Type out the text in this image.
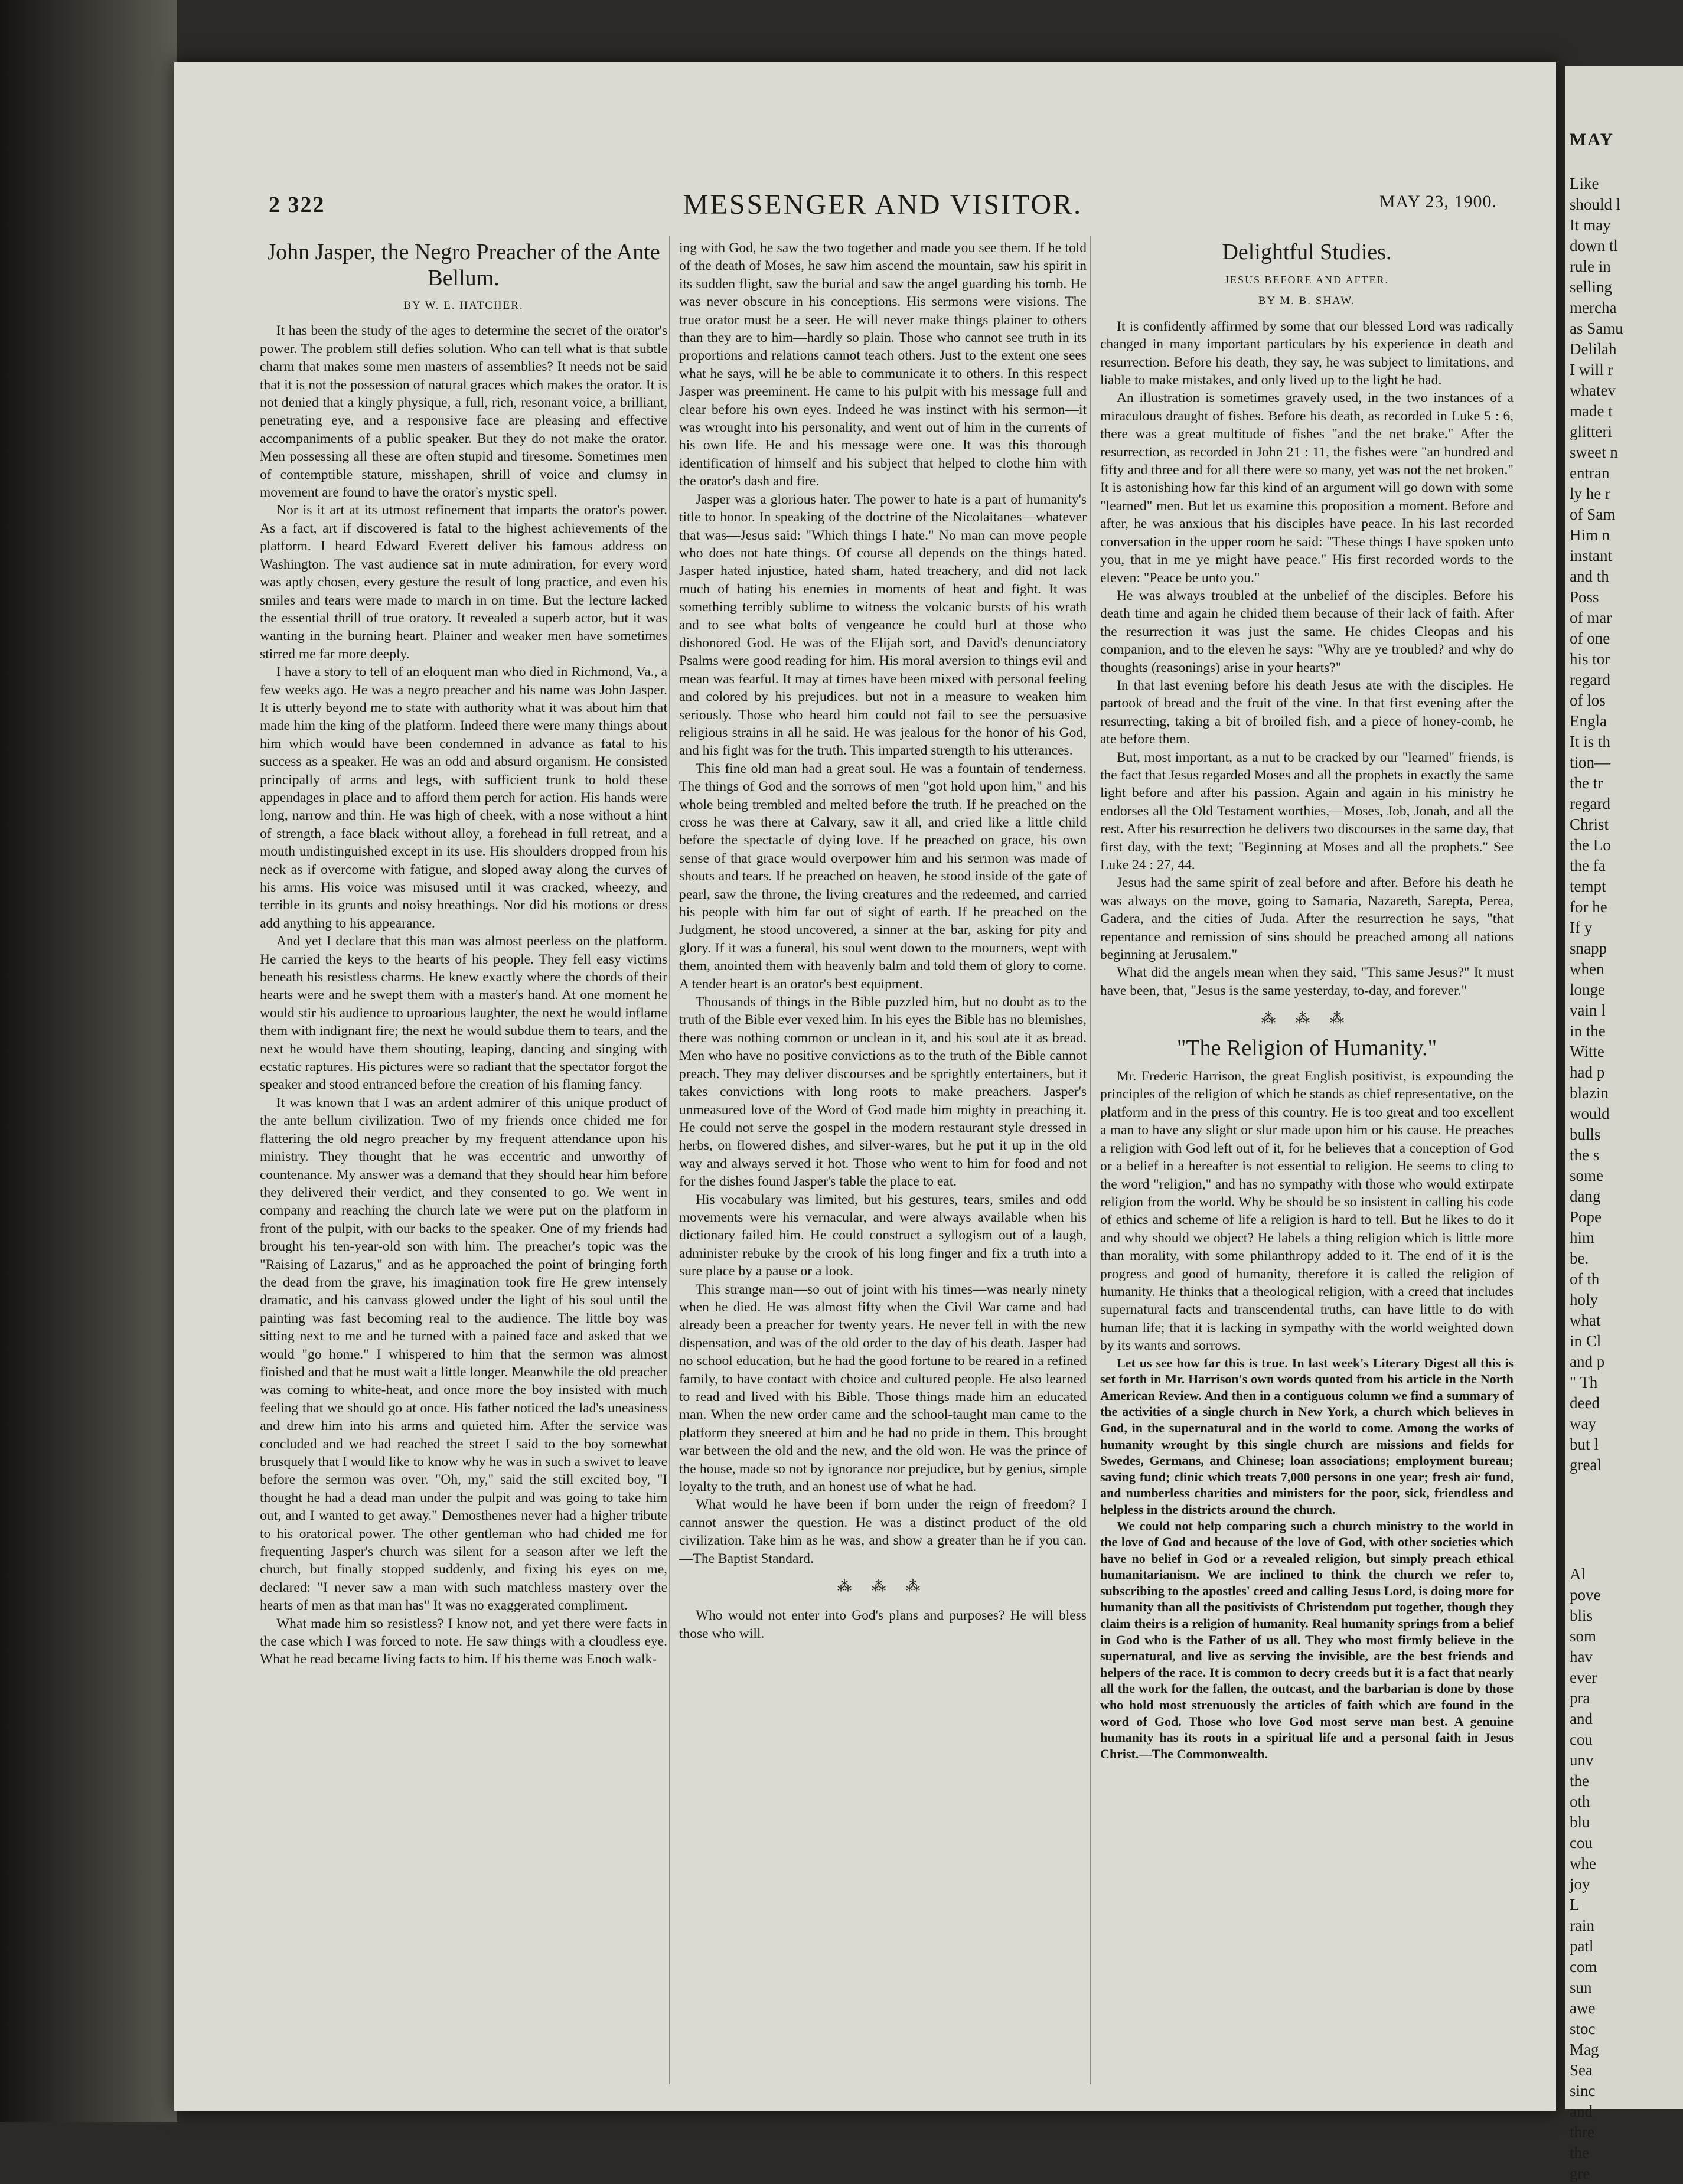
2 322	MESSENGER AND VISITOR.	MAY 23, 1900.
John Jasper, the Negro Preacher of the Ante Bellum.
BY W. E. HATCHER.

It has been the study of the ages to determine the secret of the orator's power. The problem still defies solution. Who can tell what is that subtle charm that makes some men masters of assemblies? It needs not be said that it is not the possession of natural graces which makes the orator. It is not denied that a kingly physique, a full, rich, resonant voice, a brilliant, penetrating eye, and a responsive face are pleasing and effective accompaniments of a public speaker. But they do not make the orator. Men possessing all these are often stupid and tiresome. Sometimes men of contemptible stature, misshapen, shrill of voice and clumsy in movement are found to have the orator's mystic spell.

Nor is it art at its utmost refinement that imparts the orator's power. As a fact, art if discovered is fatal to the highest achievements of the platform. I heard Edward Everett deliver his famous address on Washington. The vast audience sat in mute admiration, for every word was aptly chosen, every gesture the result of long practice, and even his smiles and tears were made to march in on time. But the lecture lacked the essential thrill of true oratory. It revealed a superb actor, but it was wanting in the burning heart. Plainer and weaker men have sometimes stirred me far more deeply.

I have a story to tell of an eloquent man who died in Richmond, Va., a few weeks ago. He was a negro preacher and his name was John Jasper. It is utterly beyond me to state with authority what it was about him that made him the king of the platform. Indeed there were many things about him which would have been condemned in advance as fatal to his success as a speaker. He was an odd and absurd organism. He consisted principally of arms and legs, with sufficient trunk to hold these appendages in place and to afford them perch for action. His hands were long, narrow and thin. He was high of cheek, with a nose without a hint of strength, a face black without alloy, a forehead in full retreat, and a mouth undistinguished except in its use. His shoulders dropped from his neck as if overcome with fatigue, and sloped away along the curves of his arms. His voice was misused until it was cracked, wheezy, and terrible in its grunts and noisy breathings. Nor did his motions or dress add anything to his appearance.

And yet I declare that this man was almost peerless on the platform. He carried the keys to the hearts of his people. They fell easy victims beneath his resistless charms. He knew exactly where the chords of their hearts were and he swept them with a master's hand. At one moment he would stir his audience to uproarious laughter, the next he would inflame them with indignant fire; the next he would subdue them to tears, and the next he would have them shouting, leaping, dancing and singing with ecstatic raptures. His pictures were so radiant that the spectator forgot the speaker and stood entranced before the creation of his flaming fancy.

It was known that I was an ardent admirer of this unique product of the ante bellum civilization. Two of my friends once chided me for flattering the old negro preacher by my frequent attendance upon his ministry. They thought that he was eccentric and unworthy of countenance. My answer was a demand that they should hear him before they delivered their verdict, and they consented to go. We went in company and reaching the church late we were put on the platform in front of the pulpit, with our backs to the speaker. One of my friends had brought his ten-year-old son with him. The preacher's topic was the "Raising of Lazarus," and as he approached the point of bringing forth the dead from the grave, his imagination took fire He grew intensely dramatic, and his canvass glowed under the light of his soul until the painting was fast becoming real to the audience. The little boy was sitting next to me and he turned with a pained face and asked that we would "go home." I whispered to him that the sermon was almost finished and that he must wait a little longer. Meanwhile the old preacher was coming to white-heat, and once more the boy insisted with much feeling that we should go at once. His father noticed the lad's uneasiness and drew him into his arms and quieted him. After the service was concluded and we had reached the street I said to the boy somewhat brusquely that I would like to know why he was in such a swivet to leave before the sermon was over. "Oh, my," said the still excited boy, "I thought he had a dead man under the pulpit and was going to take him out, and I wanted to get away." Demosthenes never had a higher tribute to his oratorical power. The other gentleman who had chided me for frequenting Jasper's church was silent for a season after we left the church, but finally stopped suddenly, and fixing his eyes on me, declared: "I never saw a man with such matchless mastery over the hearts of men as that man has" It was no exaggerated compliment.

What made him so resistless? I know not, and yet there were facts in the case which I was forced to note. He saw things with a cloudless eye. What he read became living facts to him. If his theme was Enoch walk-

ing with God, he saw the two together and made you see them. If he told of the death of Moses, he saw him ascend the mountain, saw his spirit in its sudden flight, saw the burial and saw the angel guarding his tomb. He was never obscure in his conceptions. His sermons were visions. The true orator must be a seer. He will never make things plainer to others than they are to him—hardly so plain. Those who cannot see truth in its proportions and relations cannot teach others. Just to the extent one sees what he says, will he be able to communicate it to others. In this respect Jasper was preeminent. He came to his pulpit with his message full and clear before his own eyes. Indeed he was instinct with his sermon—it was wrought into his personality, and went out of him in the currents of his own life. He and his message were one. It was this thorough identification of himself and his subject that helped to clothe him with the orator's dash and fire.

Jasper was a glorious hater. The power to hate is a part of humanity's title to honor. In speaking of the doctrine of the Nicolaitanes—whatever that was—Jesus said: "Which things I hate." No man can move people who does not hate things. Of course all depends on the things hated. Jasper hated injustice, hated sham, hated treachery, and did not lack much of hating his enemies in moments of heat and fight. It was something terribly sublime to witness the volcanic bursts of his wrath and to see what bolts of vengeance he could hurl at those who dishonored God. He was of the Elijah sort, and David's denunciatory Psalms were good reading for him. His moral aversion to things evil and mean was fearful. It may at times have been mixed with personal feeling and colored by his prejudices. but not in a measure to weaken him seriously. Those who heard him could not fail to see the persuasive religious strains in all he said. He was jealous for the honor of his God, and his fight was for the truth. This imparted strength to his utterances.

This fine old man had a great soul. He was a fountain of tenderness. The things of God and the sorrows of men "got hold upon him," and his whole being trembled and melted before the truth. If he preached on the cross he was there at Calvary, saw it all, and cried like a little child before the spectacle of dying love. If he preached on grace, his own sense of that grace would overpower him and his sermon was made of shouts and tears. If he preached on heaven, he stood inside of the gate of pearl, saw the throne, the living creatures and the redeemed, and carried his people with him far out of sight of earth. If he preached on the Judgment, he stood uncovered, a sinner at the bar, asking for pity and glory. If it was a funeral, his soul went down to the mourners, wept with them, anointed them with heavenly balm and told them of glory to come. A tender heart is an orator's best equipment.

Thousands of things in the Bible puzzled him, but no doubt as to the truth of the Bible ever vexed him. In his eyes the Bible has no blemishes, there was nothing common or unclean in it, and his soul ate it as bread. Men who have no positive convictions as to the truth of the Bible cannot preach. They may deliver discourses and be sprightly entertainers, but it takes convictions with long roots to make preachers. Jasper's unmeasured love of the Word of God made him mighty in preaching it. He could not serve the gospel in the modern restaurant style dressed in herbs, on flowered dishes, and silver-wares, but he put it up in the old way and always served it hot. Those who went to him for food and not for the dishes found Jasper's table the place to eat.

His vocabulary was limited, but his gestures, tears, smiles and odd movements were his vernacular, and were always available when his dictionary failed him. He could construct a syllogism out of a laugh, administer rebuke by the crook of his long finger and fix a truth into a sure place by a pause or a look.

This strange man—so out of joint with his times—was nearly ninety when he died. He was almost fifty when the Civil War came and had already been a preacher for twenty years. He never fell in with the new dispensation, and was of the old order to the day of his death. Jasper had no school education, but he had the good fortune to be reared in a refined family, to have contact with choice and cultured people. He also learned to read and lived with his Bible. Those things made him an educated man. When the new order came and the school-taught man came to the platform they sneered at him and he had no pride in them. This brought war between the old and the new, and the old won. He was the prince of the house, made so not by ignorance nor prejudice, but by genius, simple loyalty to the truth, and an honest use of what he had.

What would he have been if born under the reign of freedom? I cannot answer the question. He was a distinct product of the old civilization. Take him as he was, and show a greater than he if you can.—The Baptist Standard.

⁂ ⁂ ⁂

Who would not enter into God's plans and purposes? He will bless those who will.

Delightful Studies.
JESUS BEFORE AND AFTER.
BY M. B. SHAW.

It is confidently affirmed by some that our blessed Lord was radically changed in many important particulars by his experience in death and resurrection. Before his death, they say, he was subject to limitations, and liable to make mistakes, and only lived up to the light he had.

An illustration is sometimes gravely used, in the two instances of a miraculous draught of fishes. Before his death, as recorded in Luke 5 : 6, there was a great multitude of fishes "and the net brake." After the resurrection, as recorded in John 21 : 11, the fishes were "an hundred and fifty and three and for all there were so many, yet was not the net broken." It is astonishing how far this kind of an argument will go down with some "learned" men. But let us examine this proposition a moment. Before and after, he was anxious that his disciples have peace. In his last recorded conversation in the upper room he said: "These things I have spoken unto you, that in me ye might have peace." His first recorded words to the eleven: "Peace be unto you."

He was always troubled at the unbelief of the disciples. Before his death time and again he chided them because of their lack of faith. After the resurrection it was just the same. He chides Cleopas and his companion, and to the eleven he says: "Why are ye troubled? and why do thoughts (reasonings) arise in your hearts?"

In that last evening before his death Jesus ate with the disciples. He partook of bread and the fruit of the vine. In that first evening after the resurrecting, taking a bit of broiled fish, and a piece of honey-comb, he ate before them.

But, most important, as a nut to be cracked by our "learned" friends, is the fact that Jesus regarded Moses and all the prophets in exactly the same light before and after his passion. Again and again in his ministry he endorses all the Old Testament worthies,—Moses, Job, Jonah, and all the rest. After his resurrection he delivers two discourses in the same day, that first day, with the text; "Beginning at Moses and all the prophets." See Luke 24 : 27, 44.

Jesus had the same spirit of zeal before and after. Before his death he was always on the move, going to Samaria, Nazareth, Sarepta, Perea, Gadera, and the cities of Juda. After the resurrection he says, "that repentance and remission of sins should be preached among all nations beginning at Jerusalem."

What did the angels mean when they said, "This same Jesus?" It must have been, that, "Jesus is the same yesterday, to-day, and forever."

⁂ ⁂ ⁂
"The Religion of Humanity."

Mr. Frederic Harrison, the great English positivist, is expounding the principles of the religion of which he stands as chief representative, on the platform and in the press of this country. He is too great and too excellent a man to have any slight or slur made upon him or his cause. He preaches a religion with God left out of it, for he believes that a conception of God or a belief in a hereafter is not essential to religion. He seems to cling to the word "religion," and has no sympathy with those who would extirpate religion from the world. Why be should be so insistent in calling his code of ethics and scheme of life a religion is hard to tell. But he likes to do it and why should we object? He labels a thing religion which is little more than morality, with some philanthropy added to it. The end of it is the progress and good of humanity, therefore it is called the religion of humanity. He thinks that a theological religion, with a creed that includes supernatural facts and transcendental truths, can have little to do with human life; that it is lacking in sympathy with the world weighted down by its wants and sorrows.

Let us see how far this is true. In last week's Literary Digest all this is set forth in Mr. Harrison's own words quoted from his article in the North American Review. And then in a contiguous column we find a summary of the activities of a single church in New York, a church which believes in God, in the supernatural and in the world to come. Among the works of humanity wrought by this single church are missions and fields for Swedes, Germans, and Chinese; loan associations; employment bureau; saving fund; clinic which treats 7,000 persons in one year; fresh air fund, and numberless charities and ministers for the poor, sick, friendless and helpless in the districts around the church.

We could not help comparing such a church ministry to the world in the love of God and because of the love of God, with other societies which have no belief in God or a revealed religion, but simply preach ethical humanitarianism. We are inclined to think the church we refer to, subscribing to the apostles' creed and calling Jesus Lord, is doing more for humanity than all the positivists of Christendom put together, though they claim theirs is a religion of humanity. Real humanity springs from a belief in God who is the Father of us all. They who most firmly believe in the supernatural, and live as serving the invisible, are the best friends and helpers of the race. It is common to decry creeds but it is a fact that nearly all the work for the fallen, the outcast, and the barbarian is done by those who hold most strenuously the articles of faith which are found in the word of God. Those who love God most serve man best. A genuine humanity has its roots in a spiritual life and a personal faith in Jesus Christ.—The Commonwealth.

MAY
Like
should l
It may
down tl
rule in
selling
mercha
as Samu
Delilah
I will r
whatev
made t
glitteri
sweet n
entran
ly he r
of Sam
Him n
instant
and th
Poss
of mar
of one
his tor
regard
of los
Engla
It is th
tion—
the tr
regard
Christ
the Lo
the fa
tempt
for he
If y
snapp
when
longe
vain l
in the
Witte
had p
blazin
would
bulls
the s
some
dang
Pope
him
be.
of th
holy
what
in Cl
and p
" Th
deed
way
but l
greal
Al
pove
blis
som
hav
ever
pra
and
cou
unv
the
oth
blu
cou
whe
joy
L
rain
patl
com
sun
awe
stoc
Mag
Sea
sinc
and
thre
the
gre
